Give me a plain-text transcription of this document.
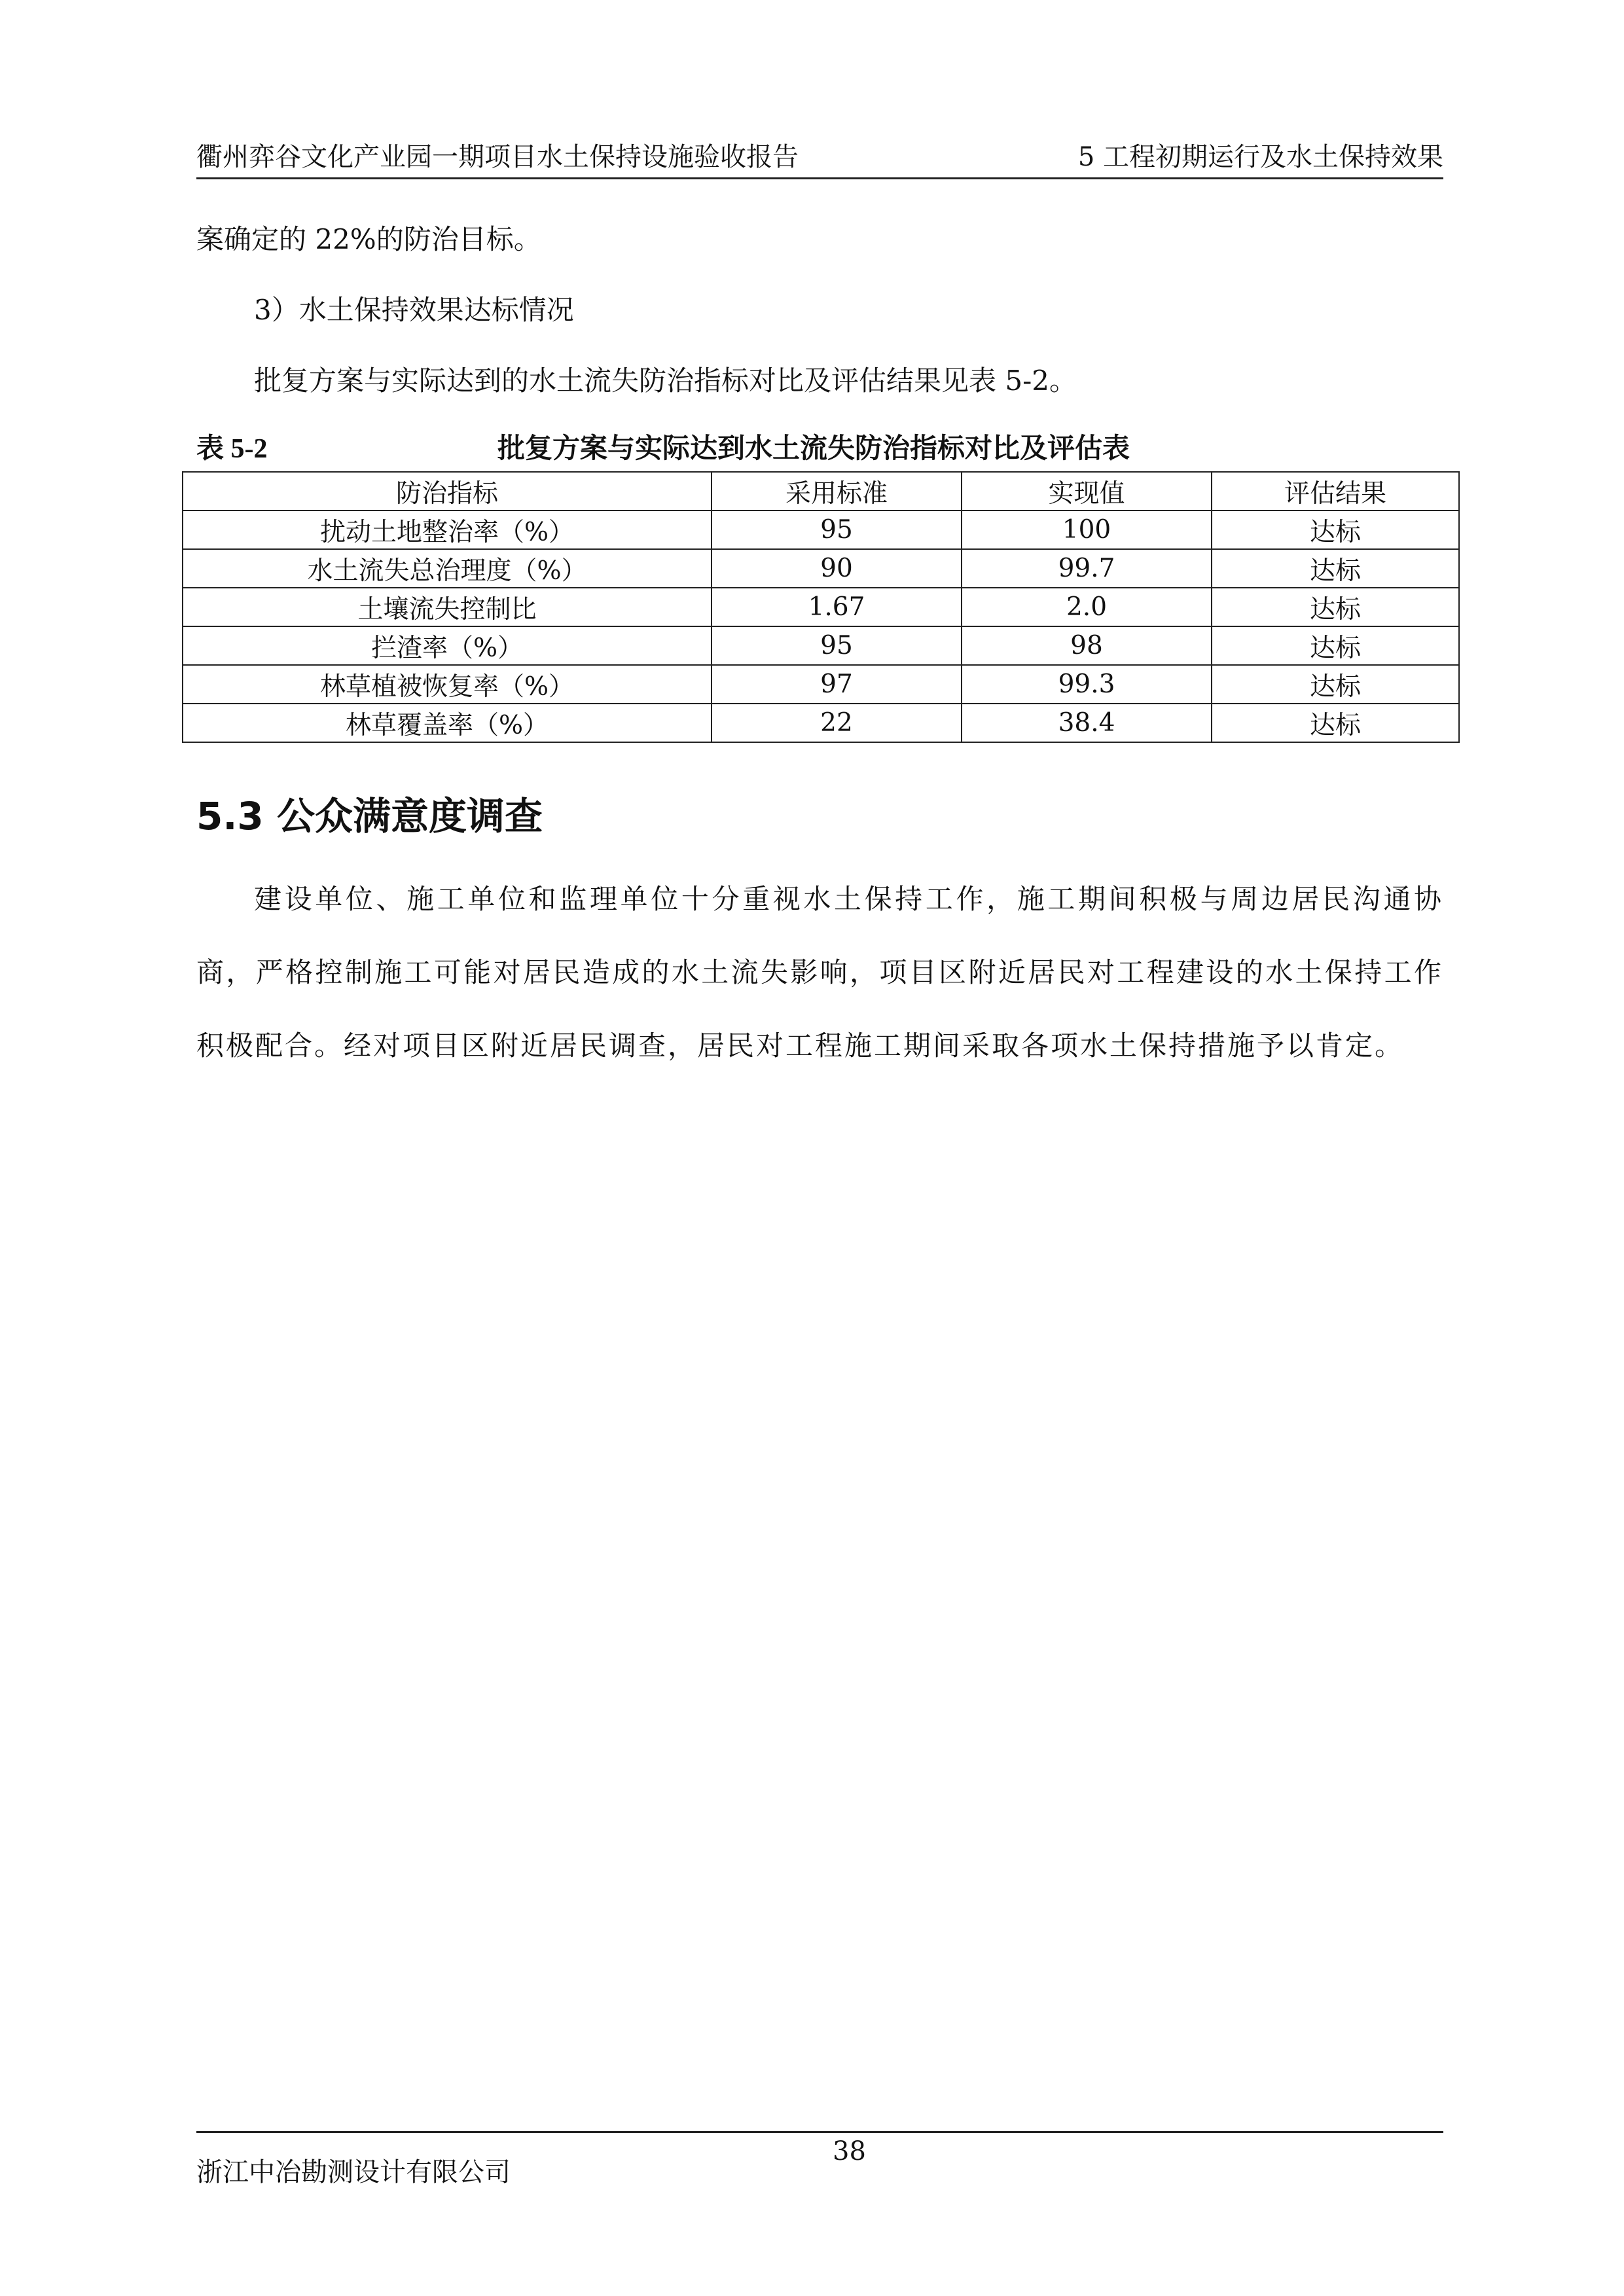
衢州弈谷文化产业园一期项目水土保持设施验收报告	5 工程初期运行及水土保持效果
案确定的 22%的防治目标。
3）水土保持效果达标情况
批复方案与实际达到的水土流失防治指标对比及评估结果见表 5-2。
表 5-2	批复方案与实际达到水土流失防治指标对比及评估表
防治指标	采用标准	实现值	评估结果
扰动土地整治率（%）	95	100	达标
水土流失总治理度（%）	90	99.7	达标
土壤流失控制比	1.67	2.0	达标
拦渣率（%）	95	98	达标
林草植被恢复率（%）	97	99.3	达标
林草覆盖率（%）	22	38.4	达标
5.3 公众满意度调查
建设单位、施工单位和监理单位十分重视水土保持工作，施工期间积极与周边居民沟通协商，严格控制施工可能对居民造成的水土流失影响，项目区附近居民对工程建设的水土保持工作积极配合。经对项目区附近居民调查，居民对工程施工期间采取各项水土保持措施予以肯定。
浙江中冶勘测设计有限公司
38
